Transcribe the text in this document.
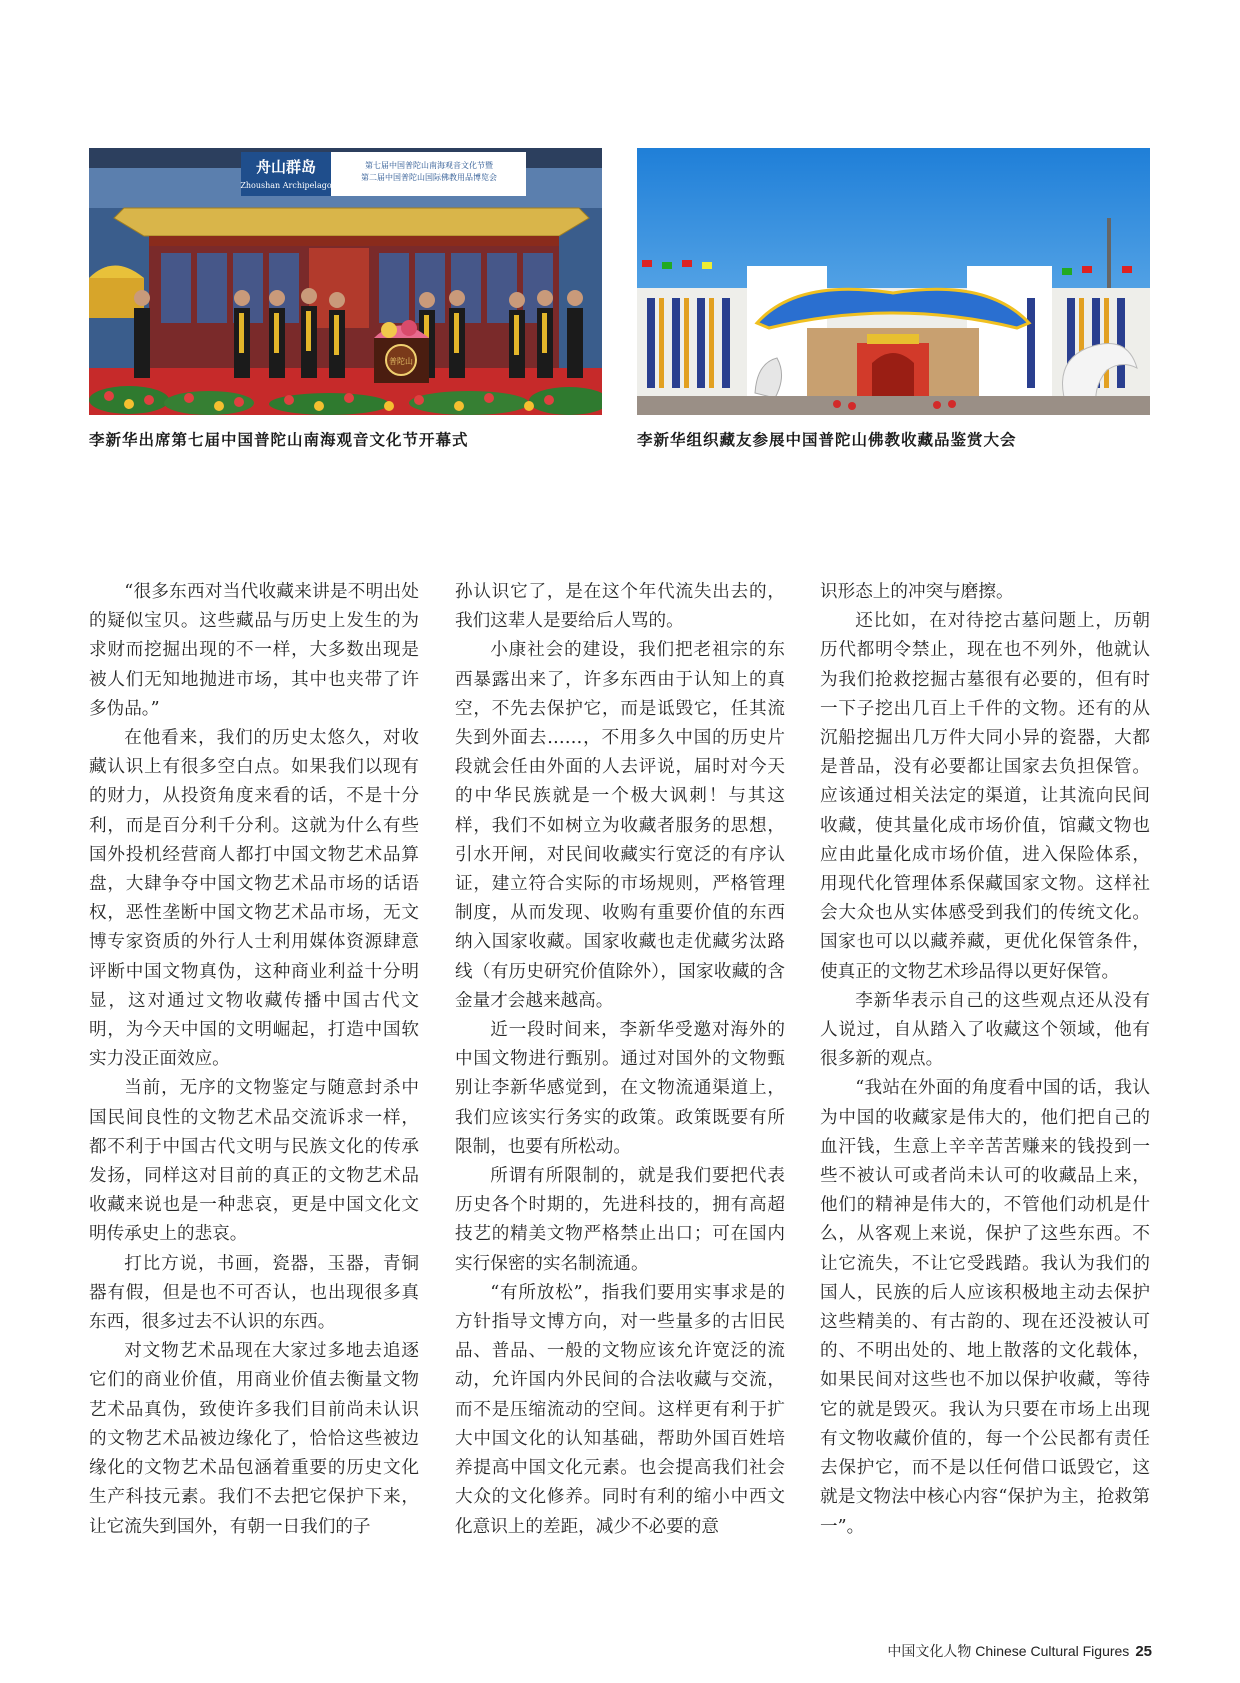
舟山群岛
Zhoushan Archipelago
第七届中国普陀山南海观音文化节暨
第二届中国普陀山国际佛教用品博览会
普陀山
李新华出席第七届中国普陀山南海观音文化节开幕式	李新华组织藏友参展中国普陀山佛教收藏品鉴赏大会

“很多东西对当代收藏来讲是不明出处的疑似宝贝。这些藏品与历史上发生的为求财而挖掘出现的不一样，大多数出现是被人们无知地抛进市场，其中也夹带了许多伪品。”

在他看来，我们的历史太悠久，对收藏认识上有很多空白点。如果我们以现有的财力，从投资角度来看的话，不是十分利，而是百分利千分利。这就为什么有些国外投机经营商人都打中国文物艺术品算盘，大肆争夺中国文物艺术品市场的话语权，恶性垄断中国文物艺术品市场，无文博专家资质的外行人士利用媒体资源肆意评断中国文物真伪，这种商业利益十分明显，这对通过文物收藏传播中国古代文明，为今天中国的文明崛起，打造中国软实力没正面效应。

当前，无序的文物鉴定与随意封杀中国民间良性的文物艺术品交流诉求一样，都不利于中国古代文明与民族文化的传承发扬，同样这对目前的真正的文物艺术品收藏来说也是一种悲哀，更是中国文化文明传承史上的悲哀。

打比方说，书画，瓷器，玉器，青铜器有假，但是也不可否认，也出现很多真东西，很多过去不认识的东西。

对文物艺术品现在大家过多地去追逐它们的商业价值，用商业价值去衡量文物艺术品真伪，致使许多我们目前尚未认识的文物艺术品被边缘化了，恰恰这些被边缘化的文物艺术品包涵着重要的历史文化生产科技元素。我们不去把它保护下来，让它流失到国外，有朝一日我们的子

孙认识它了，是在这个年代流失出去的，我们这辈人是要给后人骂的。

小康社会的建设，我们把老祖宗的东西暴露出来了，许多东西由于认知上的真空，不先去保护它，而是诋毁它，任其流失到外面去……，不用多久中国的历史片段就会任由外面的人去评说，届时对今天的中华民族就是一个极大讽刺！与其这样，我们不如树立为收藏者服务的思想，引水开闸，对民间收藏实行宽泛的有序认证，建立符合实际的市场规则，严格管理制度，从而发现、收购有重要价值的东西纳入国家收藏。国家收藏也走优藏劣汰路线（有历史研究价值除外），国家收藏的含金量才会越来越高。

近一段时间来，李新华受邀对海外的中国文物进行甄别。通过对国外的文物甄别让李新华感觉到，在文物流通渠道上，我们应该实行务实的政策。政策既要有所限制，也要有所松动。

所谓有所限制的，就是我们要把代表历史各个时期的，先进科技的，拥有高超技艺的精美文物严格禁止出口；可在国内实行保密的实名制流通。

“有所放松”，指我们要用实事求是的方针指导文博方向，对一些量多的古旧民品、普品、一般的文物应该允许宽泛的流动，允许国内外民间的合法收藏与交流，而不是压缩流动的空间。这样更有利于扩大中国文化的认知基础，帮助外国百姓培养提高中国文化元素。也会提高我们社会大众的文化修养。同时有利的缩小中西文化意识上的差距，减少不必要的意

识形态上的冲突与磨擦。

还比如，在对待挖古墓问题上，历朝历代都明令禁止，现在也不列外，他就认为我们抢救挖掘古墓很有必要的，但有时一下子挖出几百上千件的文物。还有的从沉船挖掘出几万件大同小异的瓷器，大都是普品，没有必要都让国家去负担保管。应该通过相关法定的渠道，让其流向民间收藏，使其量化成市场价值，馆藏文物也应由此量化成市场价值，进入保险体系，用现代化管理体系保藏国家文物。这样社会大众也从实体感受到我们的传统文化。国家也可以以藏养藏，更优化保管条件，使真正的文物艺术珍品得以更好保管。

李新华表示自己的这些观点还从没有人说过，自从踏入了收藏这个领域，他有很多新的观点。

“我站在外面的角度看中国的话，我认为中国的收藏家是伟大的，他们把自己的血汗钱，生意上辛辛苦苦赚来的钱投到一些不被认可或者尚未认可的收藏品上来，他们的精神是伟大的，不管他们动机是什么，从客观上来说，保护了这些东西。不让它流失，不让它受践踏。我认为我们的国人，民族的后人应该积极地主动去保护这些精美的、有古韵的、现在还没被认可的、不明出处的、地上散落的文化载体，如果民间对这些也不加以保护收藏，等待它的就是毁灭。我认为只要在市场上出现有文物收藏价值的，每一个公民都有责任去保护它，而不是以任何借口诋毁它，这就是文物法中核心内容“保护为主，抢救第一”。

中国文化人物 Chinese Cultural Figures 25
